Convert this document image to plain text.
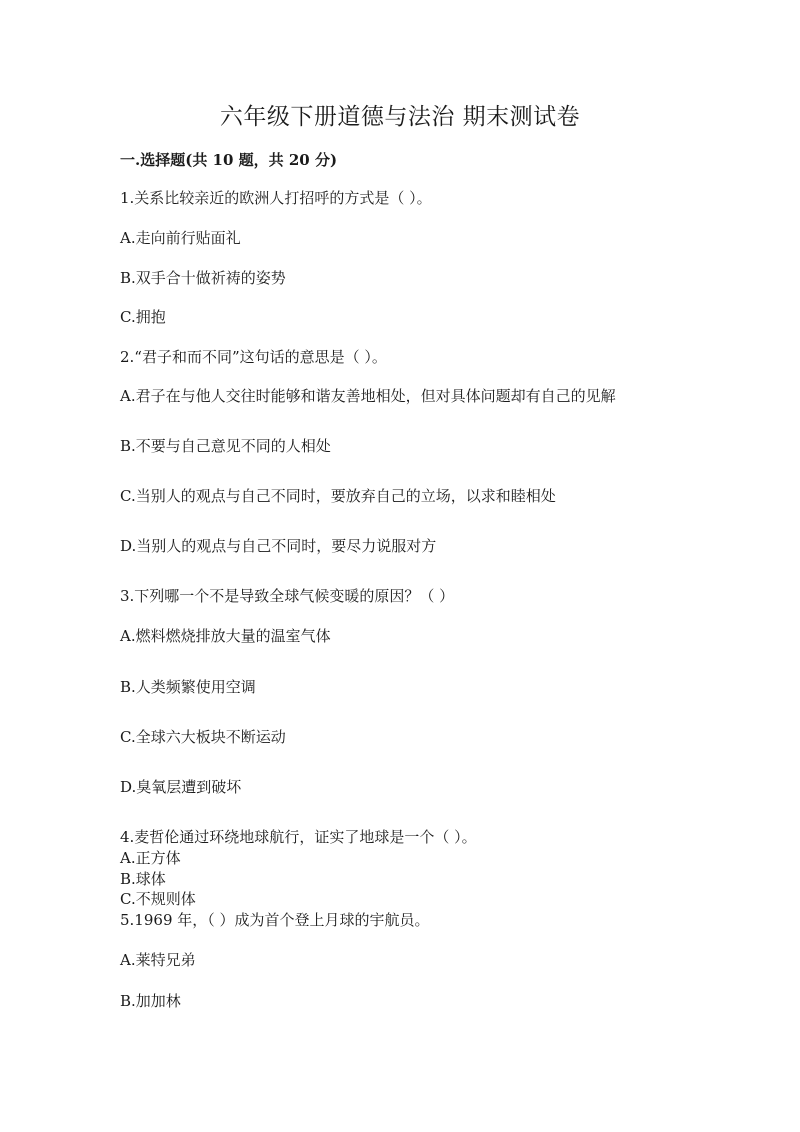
六年级下册道德与法治 期末测试卷
一.选择题(共 10 题，共 20 分)
1.关系比较亲近的欧洲人打招呼的方式是（ ）。
A.走向前行贴面礼
B.双手合十做祈祷的姿势
C.拥抱
2.“君子和而不同”这句话的意思是（ ）。
A.君子在与他人交往时能够和谐友善地相处，但对具体问题却有自己的见解
B.不要与自己意见不同的人相处
C.当别人的观点与自己不同时，要放弃自己的立场，以求和睦相处
D.当别人的观点与自己不同时，要尽力说服对方
3.下列哪一个不是导致全球气候变暖的原因？（ ）
A.燃料燃烧排放大量的温室气体
B.人类频繁使用空调
C.全球六大板块不断运动
D.臭氧层遭到破坏
4.麦哲伦通过环绕地球航行，证实了地球是一个（ ）。
A.正方体
B.球体
C.不规则体
5.1969 年，（ ）成为首个登上月球的宇航员。
A.莱特兄弟
B.加加林
